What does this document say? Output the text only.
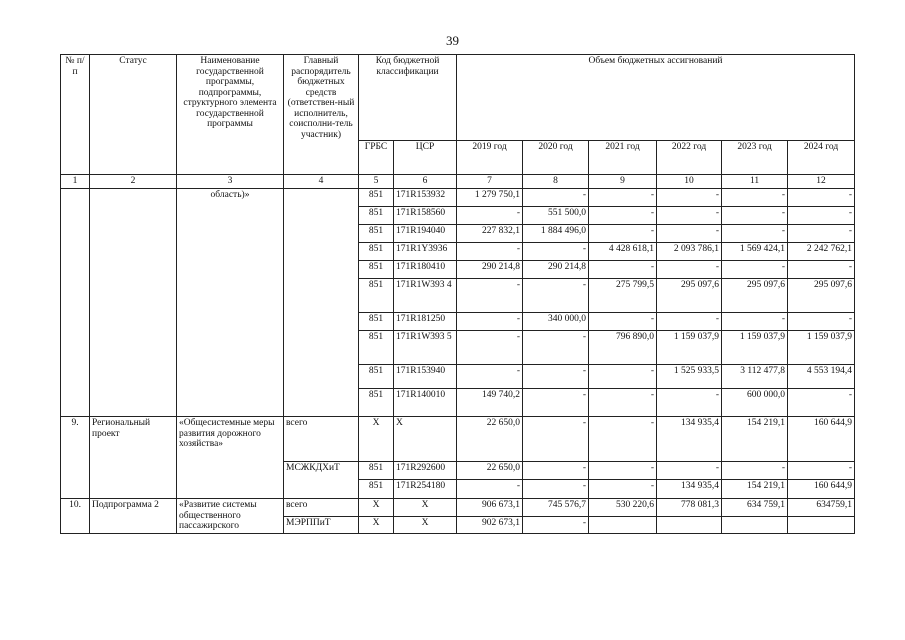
39
№ п/п	Статус	Наименование государственной программы, подпрограммы, структурного элемента государственной программы	Главный распорядитель бюджетных средств (ответствен-ный исполнитель, соисполни-тель участник)	Код бюджетной классификации		Объем бюджетных ассигнований					
				ГРБС	ЦСР	2019 год	2020 год	2021 год	2022 год	2023 год	2024 год
1	2	3	4	5	6	7	8	9	10	11	12
		область)»		851	171R153932	1 279 750,1	-	-	-	-	-
				851	171R158560	-	551 500,0	-	-	-	-
				851	171R194040	227 832,1	1 884 496,0	-	-	-	-
				851	171R1Y3936	-	-	4 428 618,1	2 093 786,1	1 569 424,1	2 242 762,1
				851	171R180410	290 214,8	290 214,8	-	-	-	-
				851	171R1W393 4	-	-	275 799,5	295 097,6	295 097,6	295 097,6
				851	171R181250	-	340 000,0	-	-	-	-
				851	171R1W393 5	-	-	796 890,0	1 159 037,9	1 159 037,9	1 159 037,9
				851	171R153940	-	-	-	1 525 933,5	3 112 477,8	4 553 194,4
				851	171R140010	149 740,2	-	-	-	600 000,0	-
9.	Региональный проект	«Общесистемные меры развития дорожного хозяйства»	всего	Х	Х	22 650,0	-	-	134 935,4	154 219,1	160 644,9
			МСЖКДХиТ	851	171R292600	22 650,0	-	-	-	-	-
				851	171R254180	-	-	-	134 935,4	154 219,1	160 644,9
10.	Подпрограмма 2	«Развитие системы общественного пассажирского	всего	Х	Х	906 673,1	745 576,7	530 220,6	778 081,3	634 759,1	634759,1
			МЭРППиТ	Х	Х	902 673,1	-				
